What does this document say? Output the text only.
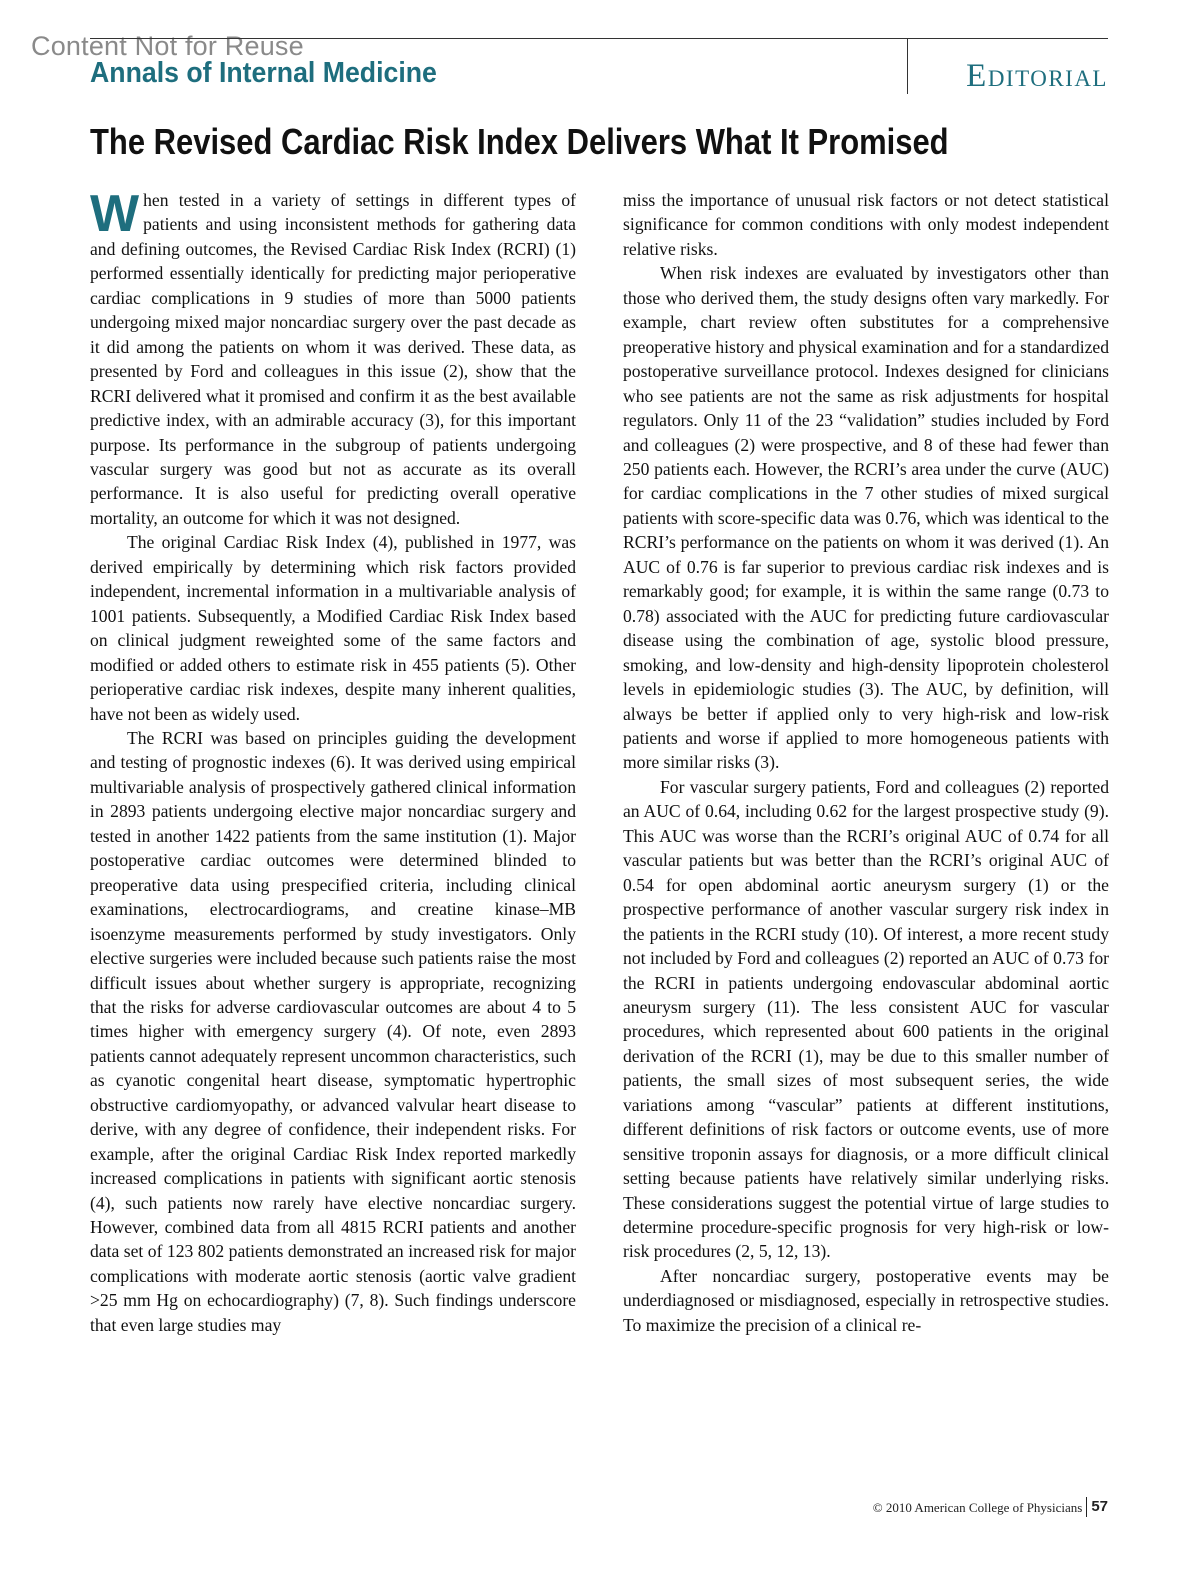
Content Not for Reuse
Annals of Internal Medicine	Editorial
The Revised Cardiac Risk Index Delivers What It Promised

When tested in a variety of settings in different types of patients and using inconsistent methods for gathering data and defining outcomes, the Revised Cardiac Risk Index (RCRI) (1) performed essentially identically for predicting major perioperative cardiac complications in 9 studies of more than 5000 patients undergoing mixed major noncardiac surgery over the past decade as it did among the patients on whom it was derived. These data, as presented by Ford and colleagues in this issue (2), show that the RCRI delivered what it promised and confirm it as the best available predictive index, with an admirable accuracy (3), for this important purpose. Its performance in the subgroup of patients undergoing vascular surgery was good but not as accurate as its overall performance. It is also useful for predicting overall operative mortality, an outcome for which it was not designed.

The original Cardiac Risk Index (4), published in 1977, was derived empirically by determining which risk factors provided independent, incremental information in a multivariable analysis of 1001 patients. Subsequently, a Modified Cardiac Risk Index based on clinical judgment reweighted some of the same factors and modified or added others to estimate risk in 455 patients (5). Other perioperative cardiac risk indexes, despite many inherent qualities, have not been as widely used.

The RCRI was based on principles guiding the development and testing of prognostic indexes (6). It was derived using empirical multivariable analysis of prospectively gathered clinical information in 2893 patients undergoing elective major noncardiac surgery and tested in another 1422 patients from the same institution (1). Major postoperative cardiac outcomes were determined blinded to preoperative data using prespecified criteria, including clinical examinations, electrocardiograms, and creatine kinase–MB isoenzyme measurements performed by study investigators. Only elective surgeries were included because such patients raise the most difficult issues about whether surgery is appropriate, recognizing that the risks for adverse cardiovascular outcomes are about 4 to 5 times higher with emergency surgery (4). Of note, even 2893 patients cannot adequately represent uncommon characteristics, such as cyanotic congenital heart disease, symptomatic hypertrophic obstructive cardiomyopathy, or advanced valvular heart disease to derive, with any degree of confidence, their independent risks. For example, after the original Cardiac Risk Index reported markedly increased complications in patients with significant aortic stenosis (4), such patients now rarely have elective noncardiac surgery. However, combined data from all 4815 RCRI patients and another data set of 123 802 patients demonstrated an increased risk for major complications with moderate aortic stenosis (aortic valve gradient >25 mm Hg on echocardiography) (7, 8). Such findings underscore that even large studies may

miss the importance of unusual risk factors or not detect statistical significance for common conditions with only modest independent relative risks.

When risk indexes are evaluated by investigators other than those who derived them, the study designs often vary markedly. For example, chart review often substitutes for a comprehensive preoperative history and physical examination and for a standardized postoperative surveillance protocol. Indexes designed for clinicians who see patients are not the same as risk adjustments for hospital regulators. Only 11 of the 23 “validation” studies included by Ford and colleagues (2) were prospective, and 8 of these had fewer than 250 patients each. However, the RCRI’s area under the curve (AUC) for cardiac complications in the 7 other studies of mixed surgical patients with score-specific data was 0.76, which was identical to the RCRI’s performance on the patients on whom it was derived (1). An AUC of 0.76 is far superior to previous cardiac risk indexes and is remarkably good; for example, it is within the same range (0.73 to 0.78) associated with the AUC for predicting future cardiovascular disease using the combination of age, systolic blood pressure, smoking, and low-density and high-density lipoprotein cholesterol levels in epidemiologic studies (3). The AUC, by definition, will always be better if applied only to very high-risk and low-risk patients and worse if applied to more homogeneous patients with more similar risks (3).

For vascular surgery patients, Ford and colleagues (2) reported an AUC of 0.64, including 0.62 for the largest prospective study (9). This AUC was worse than the RCRI’s original AUC of 0.74 for all vascular patients but was better than the RCRI’s original AUC of 0.54 for open abdominal aortic aneurysm surgery (1) or the prospective performance of another vascular surgery risk index in the patients in the RCRI study (10). Of interest, a more recent study not included by Ford and colleagues (2) reported an AUC of 0.73 for the RCRI in patients undergoing endovascular abdominal aortic aneurysm surgery (11). The less consistent AUC for vascular procedures, which represented about 600 patients in the original derivation of the RCRI (1), may be due to this smaller number of patients, the small sizes of most subsequent series, the wide variations among “vascular” patients at different institutions, different definitions of risk factors or outcome events, use of more sensitive troponin assays for diagnosis, or a more difficult clinical setting because patients have relatively similar underlying risks. These considerations suggest the potential virtue of large studies to determine procedure-specific prognosis for very high-risk or low-risk procedures (2, 5, 12, 13).

After noncardiac surgery, postoperative events may be underdiagnosed or misdiagnosed, especially in retrospective studies. To maximize the precision of a clinical re-

© 2010 American College of Physicians 57
